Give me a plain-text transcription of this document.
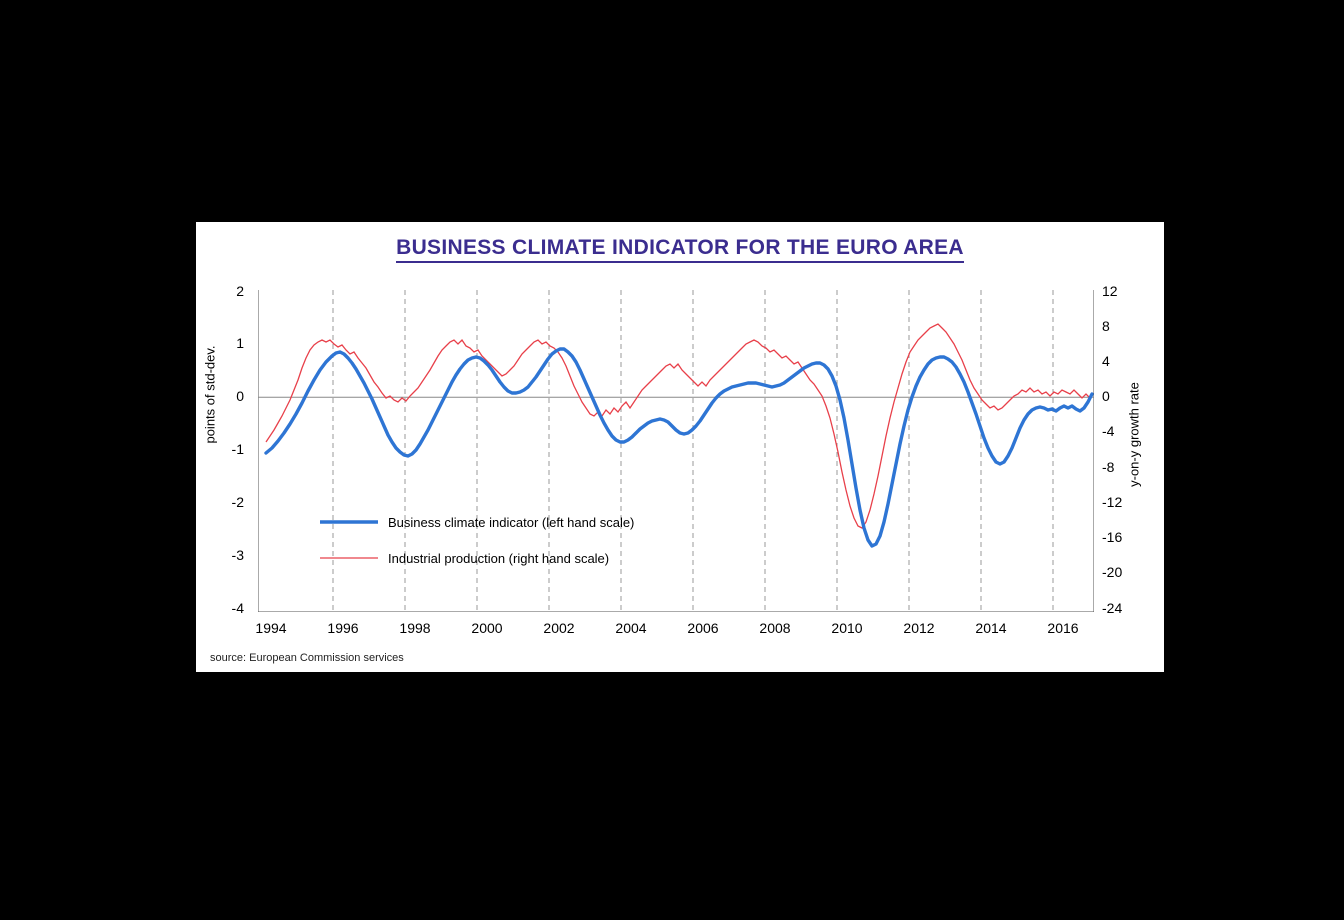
BUSINESS CLIMATE INDICATOR FOR THE EURO AREA
points of std-dev.	y-on-y growth rate
2
1
0
-1
-2
-3
-4
12
8
4
0
-4
-8
-12
-16
-20
-24
1994	1996	1998	2000	2002	2004	2006	2008	2010	2012	2014	2016
Business climate indicator (left hand scale)
Industrial production (right hand scale)
source: European Commission services
